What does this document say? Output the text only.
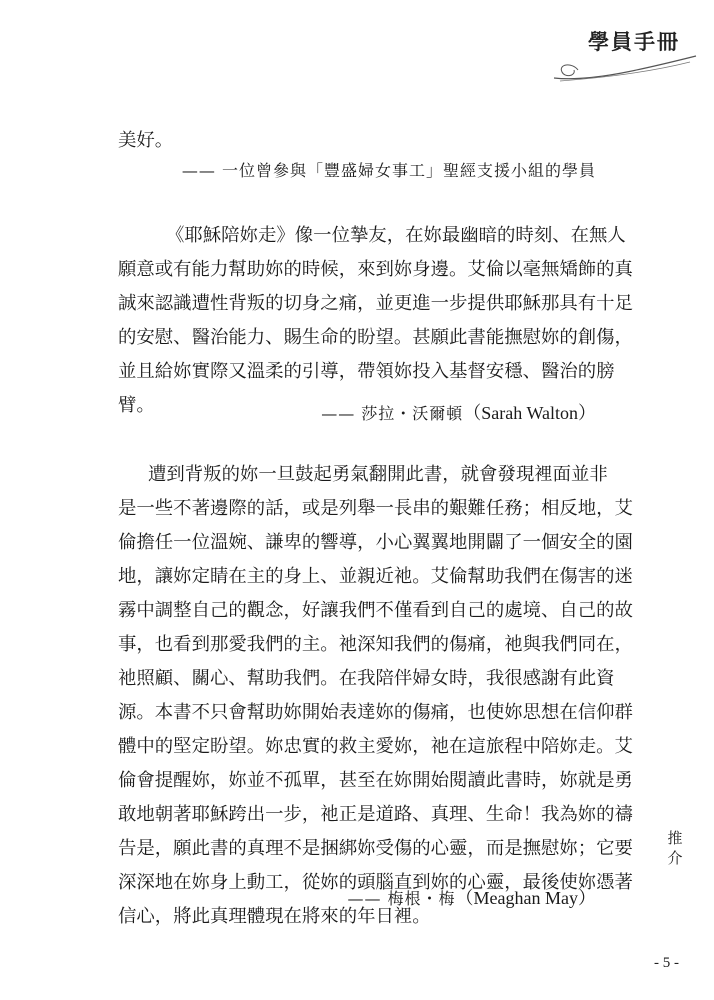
學員手冊

美好。

—— 一位曾參與「豐盛婦女事工」聖經支援小組的學員

《耶穌陪妳走》像一位摯友，在妳最幽暗的時刻、在無人
願意或有能力幫助妳的時候，來到妳身邊。艾倫以毫無矯飾的真
誠來認識遭性背叛的切身之痛，並更進一步提供耶穌那具有十足
的安慰、醫治能力、賜生命的盼望。甚願此書能撫慰妳的創傷，
並且給妳實際又溫柔的引導，帶領妳投入基督安穩、醫治的膀
臂。	—— 莎拉・沃爾頓（Sarah Walton）

遭到背叛的妳一旦鼓起勇氣翻開此書，就會發現裡面並非
是一些不著邊際的話，或是列舉一長串的艱難任務；相反地，艾
倫擔任一位溫婉、謙卑的響導，小心翼翼地開闢了一個安全的園
地，讓妳定睛在主的身上、並親近祂。艾倫幫助我們在傷害的迷
霧中調整自己的觀念，好讓我們不僅看到自己的處境、自己的故
事，也看到那愛我們的主。祂深知我們的傷痛，祂與我們同在，
祂照顧、關心、幫助我們。在我陪伴婦女時，我很感謝有此資
源。本書不只會幫助妳開始表達妳的傷痛，也使妳思想在信仰群
體中的堅定盼望。妳忠實的救主愛妳，祂在這旅程中陪妳走。艾
倫會提醒妳，妳並不孤單，甚至在妳開始閱讀此書時，妳就是勇
敢地朝著耶穌跨出一步，祂正是道路、真理、生命！我為妳的禱
告是，願此書的真理不是捆綁妳受傷的心靈，而是撫慰妳；它要
深深地在妳身上動工，從妳的頭腦直到妳的心靈，最後使妳憑著
信心，將此真理體現在將來的年日裡。

—— 梅根・梅（Meaghan May）
推
介
- 5 -
